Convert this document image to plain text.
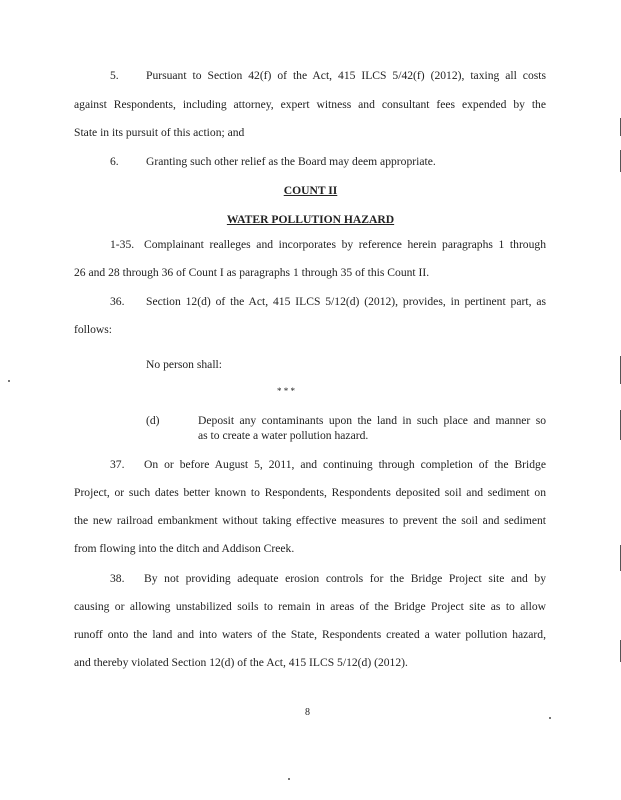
5. Pursuant to Section 42(f) of the Act, 415 ILCS 5/42(f) (2012), taxing all costs
against Respondents, including attorney, expert witness and consultant fees expended by the
State in its pursuit of this action; and
6. Granting such other relief as the Board may deem appropriate.
COUNT II
WATER POLLUTION HAZARD
1-35. Complainant realleges and incorporates by reference herein paragraphs 1 through
26 and 28 through 36 of Count I as paragraphs 1 through 35 of this Count II.
36. Section 12(d) of the Act, 415 ILCS 5/12(d) (2012), provides, in pertinent part, as
follows:
No person shall:
* * *
(d)	Deposit any contaminants upon the land in such place and manner so
as to create a water pollution hazard.
37. On or before August 5, 2011, and continuing through completion of the Bridge
Project, or such dates better known to Respondents, Respondents deposited soil and sediment on
the new railroad embankment without taking effective measures to prevent the soil and sediment
from flowing into the ditch and Addison Creek.
38. By not providing adequate erosion controls for the Bridge Project site and by
causing or allowing unstabilized soils to remain in areas of the Bridge Project site as to allow
runoff onto the land and into waters of the State, Respondents created a water pollution hazard,
and thereby violated Section 12(d) of the Act, 415 ILCS 5/12(d) (2012).
8
